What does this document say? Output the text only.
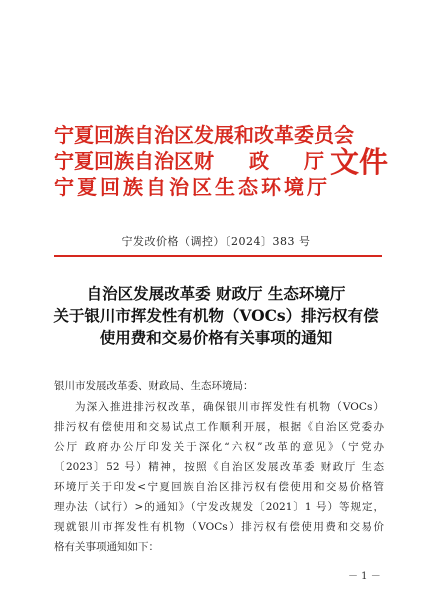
宁夏回族自治区发展和改革委员会
宁夏回族自治区财 政 厅
宁夏回族自治区生态环境厅
文件
宁发改价格（调控）〔2024〕383 号
自治区发展改革委 财政厅 生态环境厅
关于银川市挥发性有机物（VOCs）排污权有偿
使用费和交易价格有关事项的通知
银川市发展改革委、财政局、生态环境局：
为深入推进排污权改革，确保银川市挥发性有机物（VOCs）
排污权有偿使用和交易试点工作顺利开展，根据《自治区党委办
公厅 政府办公厅印发关于深化“六权”改革的意见》（宁党办
〔2023〕52 号）精神，按照《自治区发展改革委 财政厅 生态
环境厅关于印发<宁夏回族自治区排污权有偿使用和交易价格管
理办法（试行）>的通知》（宁发改规发〔2021〕1 号）等规定，
现就银川市挥发性有机物（VOCs）排污权有偿使用费和交易价
格有关事项通知如下：
－ 1 －
